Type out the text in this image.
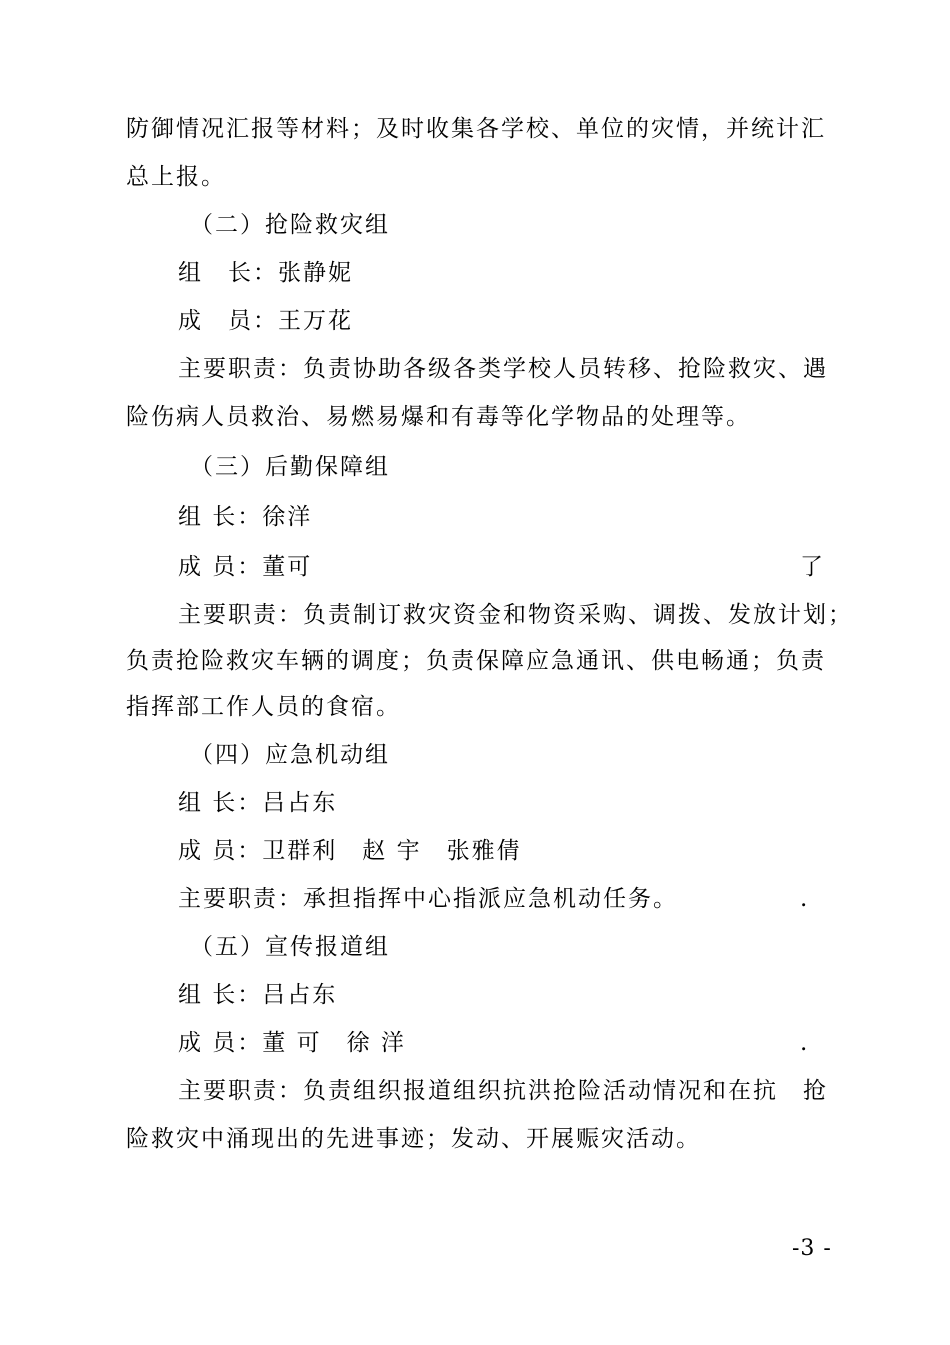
防御情况汇报等材料；及时收集各学校、单位的灾情，并统计汇
总上报。
（二）抢险救灾组
组　长：张静妮
成　员：王万花
主要职责：负责协助各级各类学校人员转移、抢险救灾、遇
险伤病人员救治、易燃易爆和有毒等化学物品的处理等。
（三）后勤保障组
组 长：徐洋
成 员：董可	了
主要职责：负责制订救灾资金和物资采购、调拨、发放计划；
负责抢险救灾车辆的调度；负责保障应急通讯、供电畅通；负责
指挥部工作人员的食宿。
（四）应急机动组
组 长：吕占东
成 员：卫群利　赵 宇　张雅倩
主要职责：承担指挥中心指派应急机动任务。	.
（五）宣传报道组
组 长：吕占东
成 员：董 可　徐 洋	.
主要职责：负责组织报道组织抗洪抢险活动情况和在抗　抢
险救灾中涌现出的先进事迹；发动、开展赈灾活动。
-3 -
